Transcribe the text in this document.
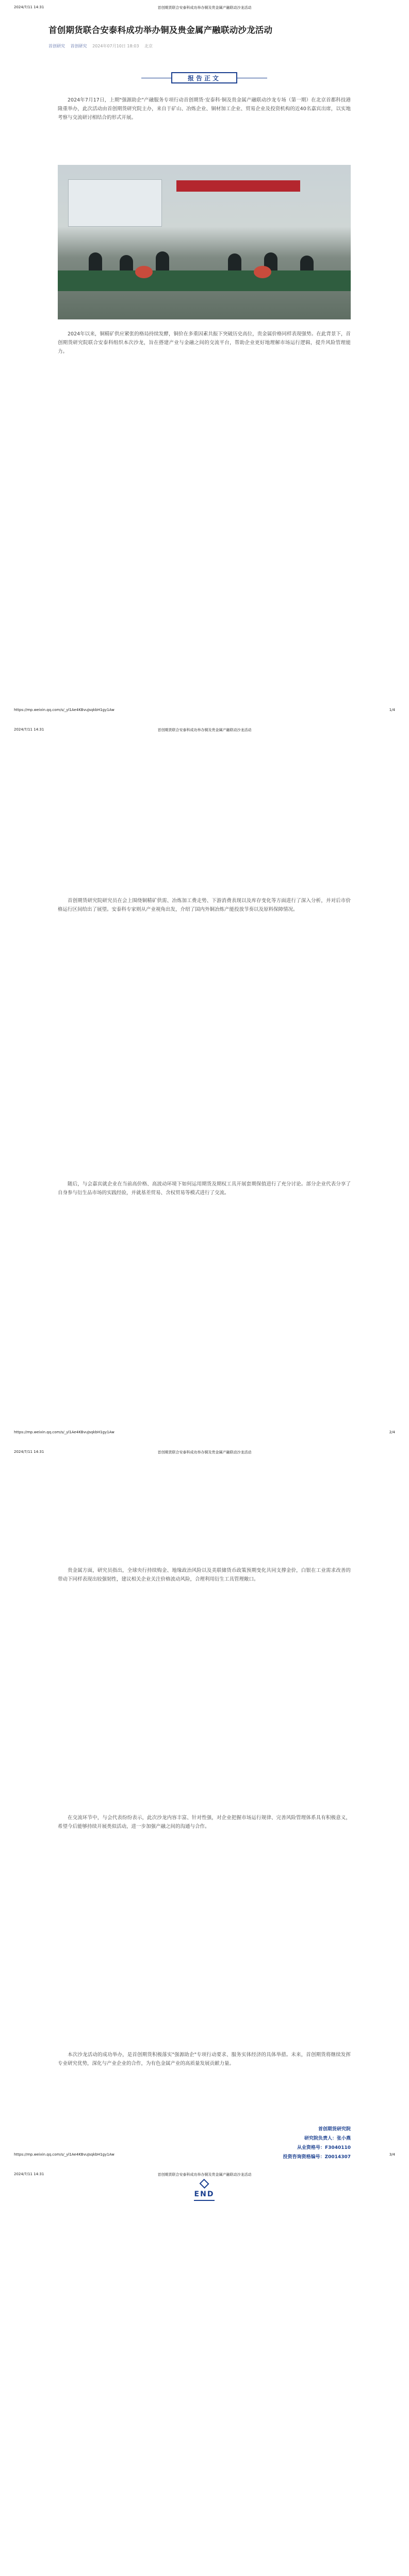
2024/7/11 14:31	首创期货联合安泰科成功举办铜及贵金属产融联动沙龙活动
首创期货联合安泰科成功举办铜及贵金属产融联动沙龙活动
首创研究 首创研究 2024年07月10日 18:03 北京
报告正文

2024年7月17日，上期"强源助企"产融服务专项行动首创期货·安泰科·铜及贵金属产融联动沙龙专场（第一期）在北京首都科技港隆重举办，此次活动由首创期货研究院主办，来自于矿山、冶炼企业、铜材加工企业、贸易企业及投资机构的近40名嘉宾出席，以实地考察与交流研讨相结合的形式开展。

2024年以来，铜精矿供应紧张的格局持续发酵，铜价在多重因素共振下突破历史高位，贵金属价格同样表现强势。在此背景下，首创期货研究院联合安泰科组织本次沙龙，旨在搭建产业与金融之间的交流平台，帮助企业更好地理解市场运行逻辑，提升风险管理能力。

https://mp.weixin.qq.com/s/_yl1Ae4KBvuJsqkbH1gy1Aw	1/4
2024/7/11 14:31	首创期货联合安泰科成功举办铜及贵金属产融联动沙龙活动

首创期货研究院研究员在会上围绕铜精矿供需、冶炼加工费走势、下游消费表现以及库存变化等方面进行了深入分析，并对后市价格运行区间给出了展望。安泰科专家则从产业视角出发，介绍了国内外铜冶炼产能投放节奏以及原料保障情况。

随后，与会嘉宾就企业在当前高价格、高波动环境下如何运用期货及期权工具开展套期保值进行了充分讨论。部分企业代表分享了自身参与衍生品市场的实践经验，并就基差贸易、含权贸易等模式进行了交流。

https://mp.weixin.qq.com/s/_yl1Ae4KBvuJsqkbH1gy1Aw	2/4
2024/7/11 14:31	首创期货联合安泰科成功举办铜及贵金属产融联动沙龙活动

贵金属方面，研究员指出，全球央行持续购金、地缘政治风险以及美联储货币政策预期变化共同支撑金价，白银在工业需求改善的带动下同样表现出较强韧性，建议相关企业关注价格波动风险，合理利用衍生工具管理敞口。

在交流环节中，与会代表纷纷表示，此次沙龙内容丰富、针对性强，对企业把握市场运行规律、完善风险管理体系具有积极意义，希望今后能够持续开展类似活动，进一步加强产融之间的沟通与合作。

本次沙龙活动的成功举办，是首创期货积极落实"强源助企"专项行动要求、服务实体经济的具体举措。未来，首创期货将继续发挥专业研究优势，深化与产业企业的合作，为有色金属产业的高质量发展贡献力量。

首创期货研究院
研究院负责人：张小燕
从业资格号：F3040110
投资咨询资格编号：Z0014307
END
https://mp.weixin.qq.com/s/_yl1Ae4KBvuJsqkbH1gy1Aw	3/4
2024/7/11 14:31	首创期货联合安泰科成功举办铜及贵金属产融联动沙龙活动
